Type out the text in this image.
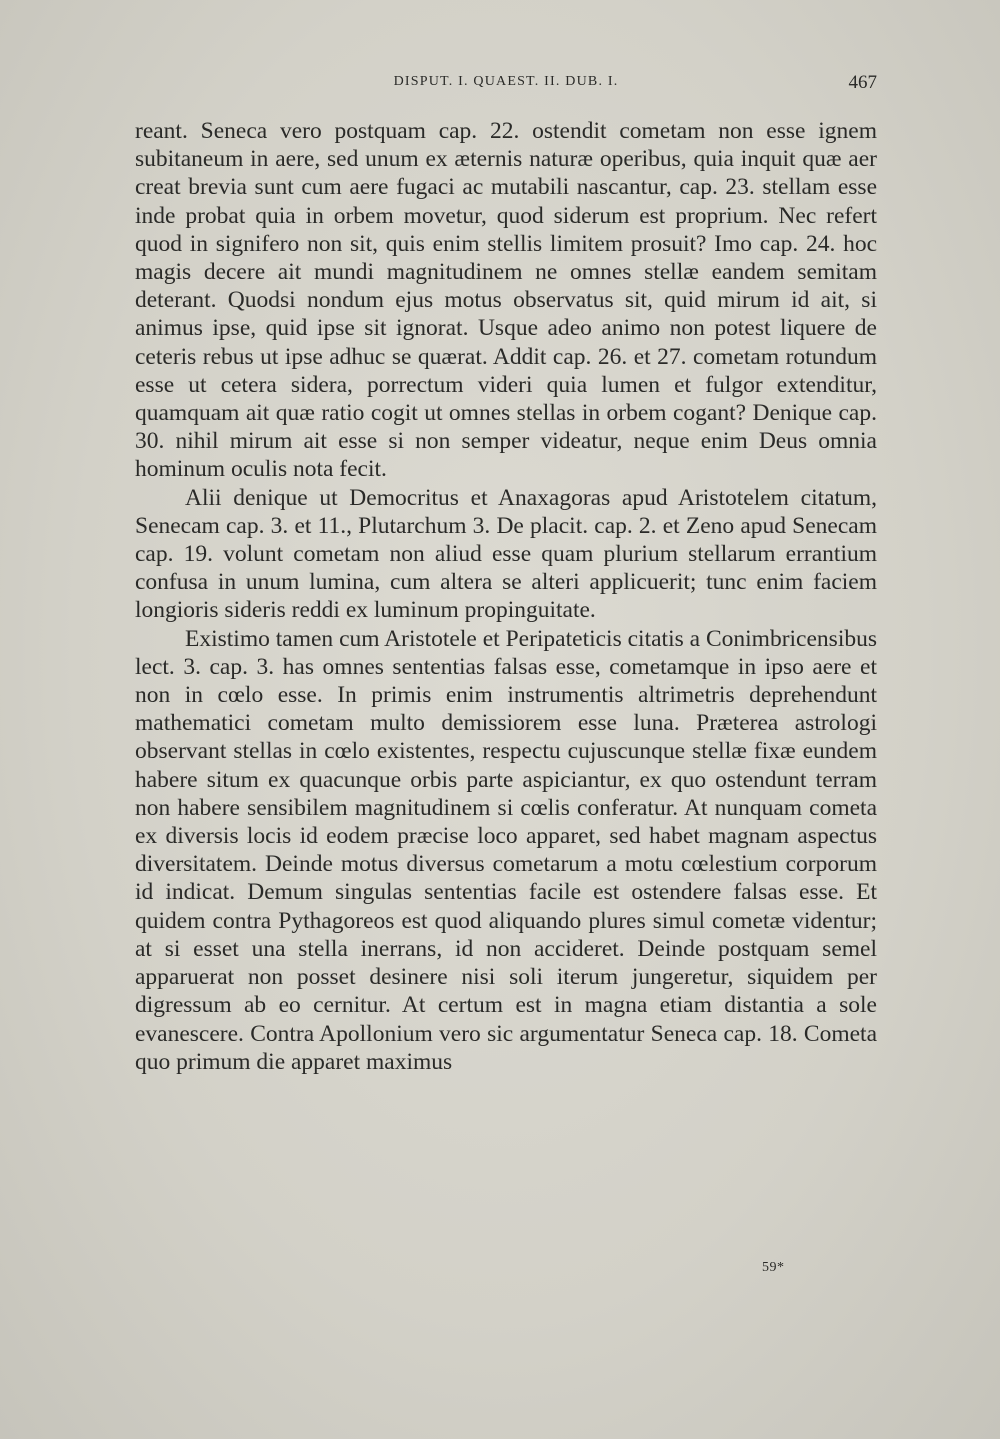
DISPUT. I. QUAEST. II. DUB. I.	467

reant. Seneca vero postquam cap. 22. ostendit cometam non esse ignem subitaneum in aere, sed unum ex æternis naturæ operibus, quia inquit quæ aer creat brevia sunt cum aere fugaci ac mutabili nascantur, cap. 23. stellam esse inde probat quia in orbem movetur, quod siderum est proprium. Nec refert quod in signifero non sit, quis enim stellis limitem prosuit? Imo cap. 24. hoc magis decere ait mundi magnitudinem ne omnes stellæ eandem semitam deterant. Quodsi nondum ejus motus observatus sit, quid mirum id ait, si animus ipse, quid ipse sit ignorat. Usque adeo animo non potest liquere de ceteris rebus ut ipse adhuc se quærat. Addit cap. 26. et 27. cometam rotundum esse ut cetera sidera, porrectum videri quia lumen et fulgor extenditur, quamquam ait quæ ratio cogit ut omnes stellas in orbem cogant? Denique cap. 30. nihil mirum ait esse si non semper videatur, neque enim Deus omnia hominum oculis nota fecit.

Alii denique ut Democritus et Anaxagoras apud Aristotelem citatum, Senecam cap. 3. et 11., Plutarchum 3. De placit. cap. 2. et Zeno apud Senecam cap. 19. volunt cometam non aliud esse quam plurium stellarum errantium confusa in unum lumina, cum altera se alteri applicuerit; tunc enim faciem longioris sideris reddi ex luminum propinguitate.

Existimo tamen cum Aristotele et Peripateticis citatis a Conimbricensibus lect. 3. cap. 3. has omnes sententias falsas esse, cometamque in ipso aere et non in cœlo esse. In primis enim instrumentis altrimetris deprehendunt mathematici cometam multo demissiorem esse luna. Præterea astrologi observant stellas in cœlo existentes, respectu cujuscunque stellæ fixæ eundem habere situm ex quacunque orbis parte aspiciantur, ex quo ostendunt terram non habere sensibilem magnitudinem si cœlis conferatur. At nunquam cometa ex diversis locis id eodem præcise loco apparet, sed habet magnam aspectus diversitatem. Deinde motus diversus cometarum a motu cœlestium corporum id indicat. Demum singulas sententias facile est ostendere falsas esse. Et quidem contra Pythagoreos est quod aliquando plures simul cometæ videntur; at si esset una stella inerrans, id non accideret. Deinde postquam semel apparuerat non posset desinere nisi soli iterum jungeretur, siquidem per digressum ab eo cernitur. At certum est in magna etiam distantia a sole evanescere. Contra Apollonium vero sic argumentatur Seneca cap. 18. Cometa quo primum die apparet maximus

59*
